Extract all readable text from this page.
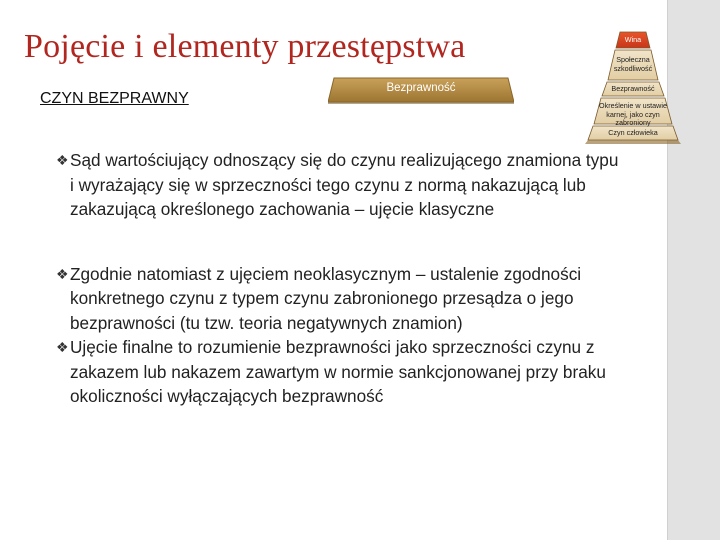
Pojęcie i elementy przestępstwa
CZYN BEZPRAWNY
Bezprawność
Wina
Społeczna szkodliwość
Bezprawność
Określenie w ustawie karnej, jako czyn zabroniony
Czyn człowieka

❖ Sąd wartościujący odnoszący się do czynu realizującego znamiona typu i wyrażający się w sprzeczności tego czynu z normą nakazującą lub zakazującą określonego zachowania – ujęcie klasyczne

❖ Zgodnie natomiast z ujęciem neoklasycznym – ustalenie zgodności konkretnego czynu z typem czynu zabronionego przesądza o jego bezprawności (tu tzw. teoria negatywnych znamion)

❖ Ujęcie finalne to rozumienie bezprawności jako sprzeczności czynu z zakazem lub nakazem zawartym w normie sankcjonowanej przy braku okoliczności wyłączających bezprawność
